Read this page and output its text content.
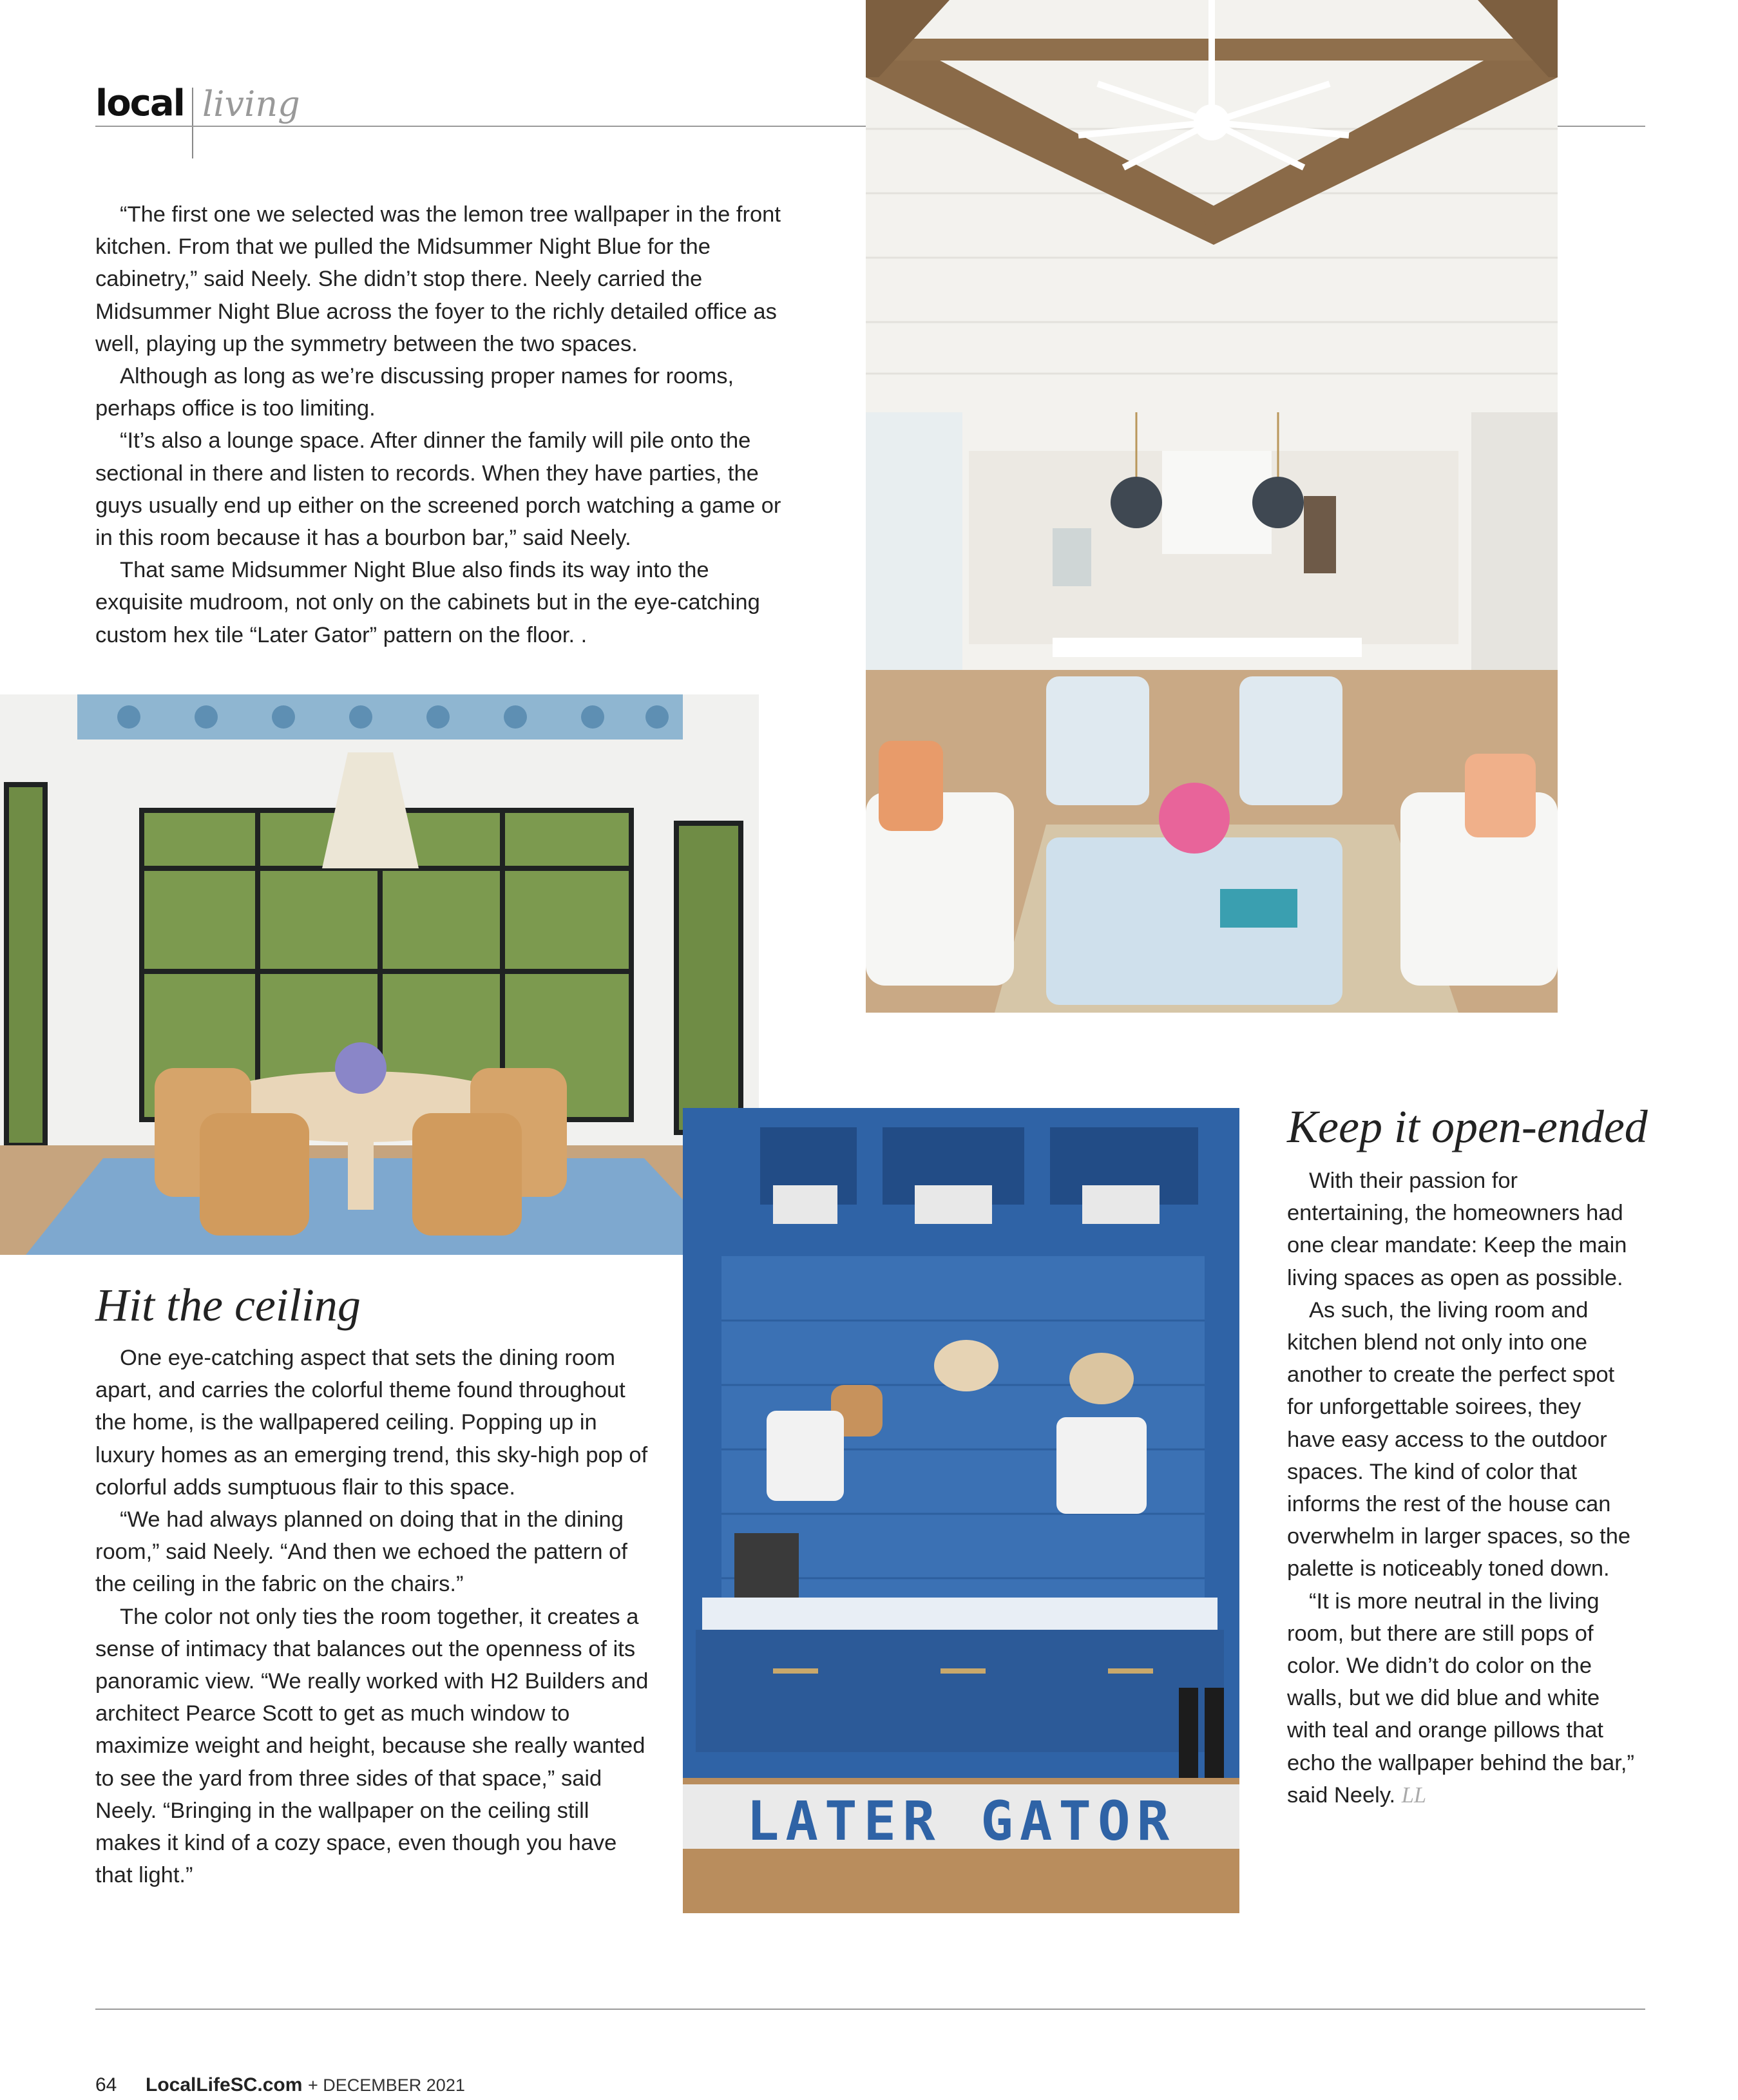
local living

“The first one we selected was the lemon tree wallpaper in the front kitchen. From that we pulled the Midsummer Night Blue for the cabinetry,” said Neely. She didn’t stop there. Neely carried the Midsummer Night Blue across the foyer to the richly detailed office as well, playing up the symmetry between the two spaces.

Although as long as we’re discussing proper names for rooms, perhaps office is too limiting.

“It’s also a lounge space. After dinner the family will pile onto the sectional in there and listen to records. When they have parties, the guys usually end up either on the screened porch watching a game or in this room because it has a bourbon bar,” said Neely.

That same Midsummer Night Blue also finds its way into the exquisite mudroom, not only on the cabinets but in the eye-catching custom hex tile “Later Gator” pattern on the floor. .

LATER GATOR
Hit the ceiling

One eye-catching aspect that sets the dining room apart, and carries the colorful theme found throughout the home, is the wallpapered ceiling. Popping up in luxury homes as an emerging trend, this sky-high pop of colorful adds sumptuous flair to this space.

“We had always planned on doing that in the dining room,” said Neely. “And then we echoed the pattern of the ceiling in the fabric on the chairs.”

The color not only ties the room together, it creates a sense of intimacy that balances out the openness of its panoramic view. “We really worked with H2 Builders and architect Pearce Scott to get as much window to maximize weight and height, because she really wanted to see the yard from three sides of that space,” said Neely. “Bringing in the wallpaper on the ceiling still makes it kind of a cozy space, even though you have that light.”

Keep it open-ended

With their passion for entertaining, the homeowners had one clear mandate: Keep the main living spaces as open as possible.

As such, the living room and kitchen blend not only into one another to create the perfect spot for unforgettable soirees, they have easy access to the outdoor spaces. The kind of color that informs the rest of the house can overwhelm in larger spaces, so the palette is noticeably toned down.

“It is more neutral in the living room, but there are still pops of color. We didn’t do color on the walls, but we did blue and white with teal and orange pillows that echo the wallpaper behind the bar,” said Neely. LL

64 LocalLifeSC.com + DECEMBER 2021
